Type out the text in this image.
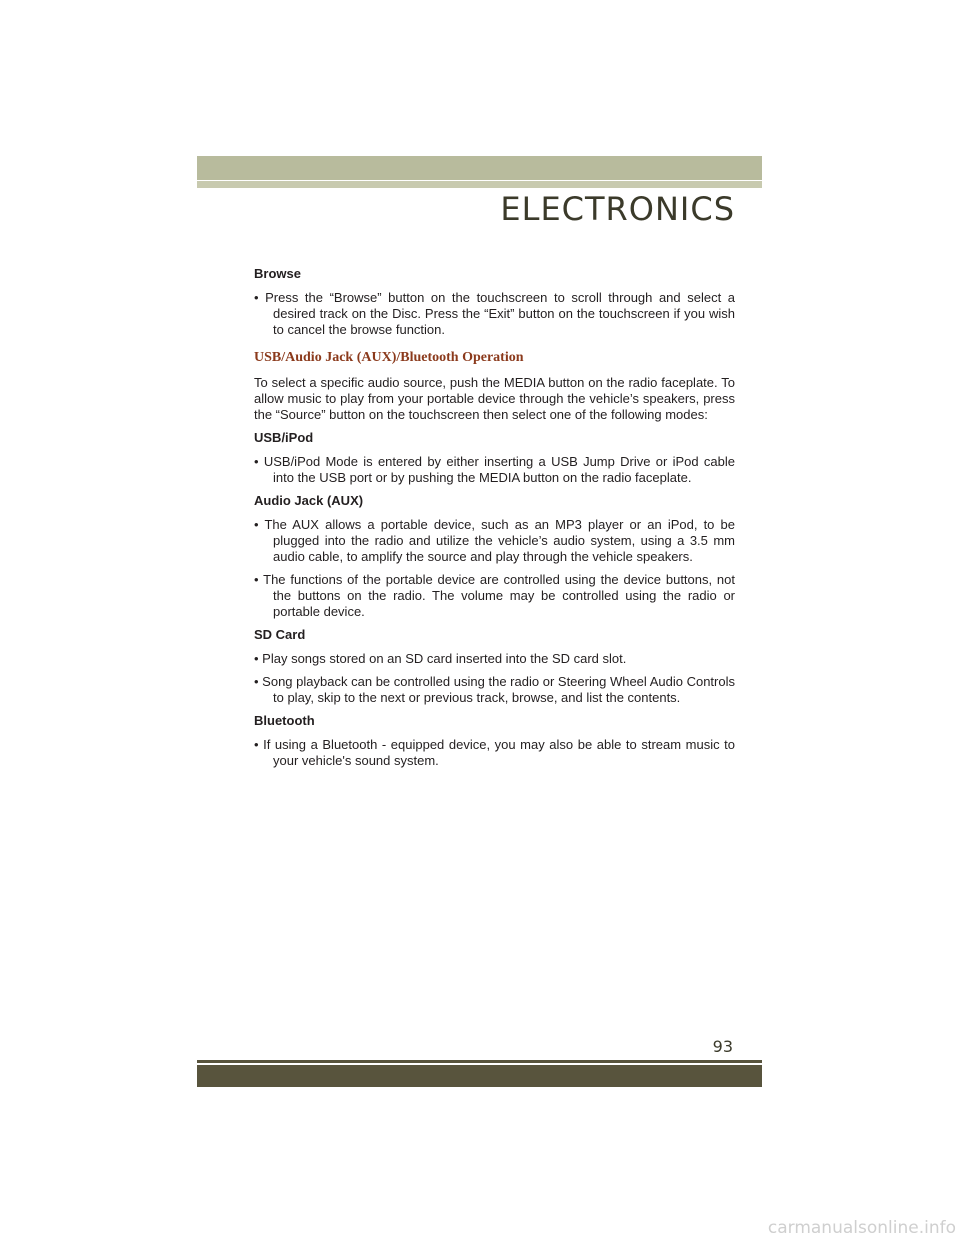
ELECTRONICS

Browse

• Press the “Browse” button on the touchscreen to scroll through and select a desired track on the Disc. Press the “Exit” button on the touchscreen if you wish to cancel the browse function.

USB/Audio Jack (AUX)/Bluetooth Operation

To select a specific audio source, push the MEDIA button on the radio faceplate. To allow music to play from your portable device through the vehicle’s speakers, press the “Source” button on the touchscreen then select one of the following modes:

USB/iPod

• USB/iPod Mode is entered by either inserting a USB Jump Drive or iPod cable into the USB port or by pushing the MEDIA button on the radio faceplate.

Audio Jack (AUX)

• The AUX allows a portable device, such as an MP3 player or an iPod, to be plugged into the radio and utilize the vehicle’s audio system, using a 3.5 mm audio cable, to amplify the source and play through the vehicle speakers.

• The functions of the portable device are controlled using the device buttons, not the buttons on the radio. The volume may be controlled using the radio or portable device.

SD Card

• Play songs stored on an SD card inserted into the SD card slot.

• Song playback can be controlled using the radio or Steering Wheel Audio Controls to play, skip to the next or previous track, browse, and list the contents.

Bluetooth

• If using a Bluetooth - equipped device, you may also be able to stream music to your vehicle's sound system.

93
carmanualsonline.info
